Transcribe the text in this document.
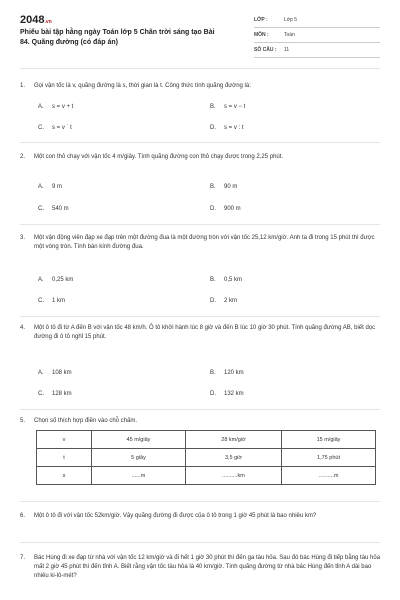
2048.vn
Phiếu bài tập hằng ngày Toán lớp 5 Chân trời sáng tạo Bài 84. Quãng đường (có đáp án)
LỚP :	Lớp 5
MÔN :	Toán
SỐ CÂU : 11
1. Gọi vận tốc là v, quãng đường là s, thời gian là t. Công thức tính quãng đường là:
A. s = v + t	B. s = v − t
C. s = v ˙ t	D. s = v : t
2. Một con thỏ chạy với vận tốc 4 m/giây. Tính quãng đường con thỏ chạy được trong 2,25 phút.
A. 9 m	B. 90 m
C. 540 m	D. 900 m
3. Một vận động viên đạp xe đạp trên một đường đua là một đường tròn với vận tốc 25,12 km/giờ. Anh ta đi trong 15 phút thì được một vòng tròn. Tính bán kính đường đua.
A. 0,25 km	B. 0,5 km
C. 1 km	D. 2 km
4. Một ô tô đi từ A đến B với vận tốc 48 km/h. Ô tô khởi hành lúc 8 giờ và đến B lúc 10 giờ 30 phút. Tính quãng đường AB, biết dọc đường đi ô tô nghỉ 15 phút.
A. 108 km	B. 120 km
C. 128 km	D. 132 km
5. Chọn số thích hợp điền vào chỗ chấm.
v	45 m/giây	28 km/giờ	15 m/giây
t	5 giây	3,5 giờ	1,75 phút
s	......m	..........km	..........m
6. Một ô tô đi với vận tốc 52km/giờ. Vậy quãng đường đi được của ô tô trong 1 giờ 45 phút là bao nhiêu km?
7. Bác Hùng đi xe đạp từ nhà với vận tốc 12 km/giờ và đi hết 1 giờ 30 phút thì đến ga tàu hỏa. Sau đó bác Hùng đi tiếp bằng tàu hỏa mất 2 giờ 45 phút thì đến tỉnh A. Biết rằng vận tốc tàu hỏa là 40 km/giờ. Tính quãng đường từ nhà bác Hùng đến tỉnh A dài bao nhiêu ki-lô-mét?
